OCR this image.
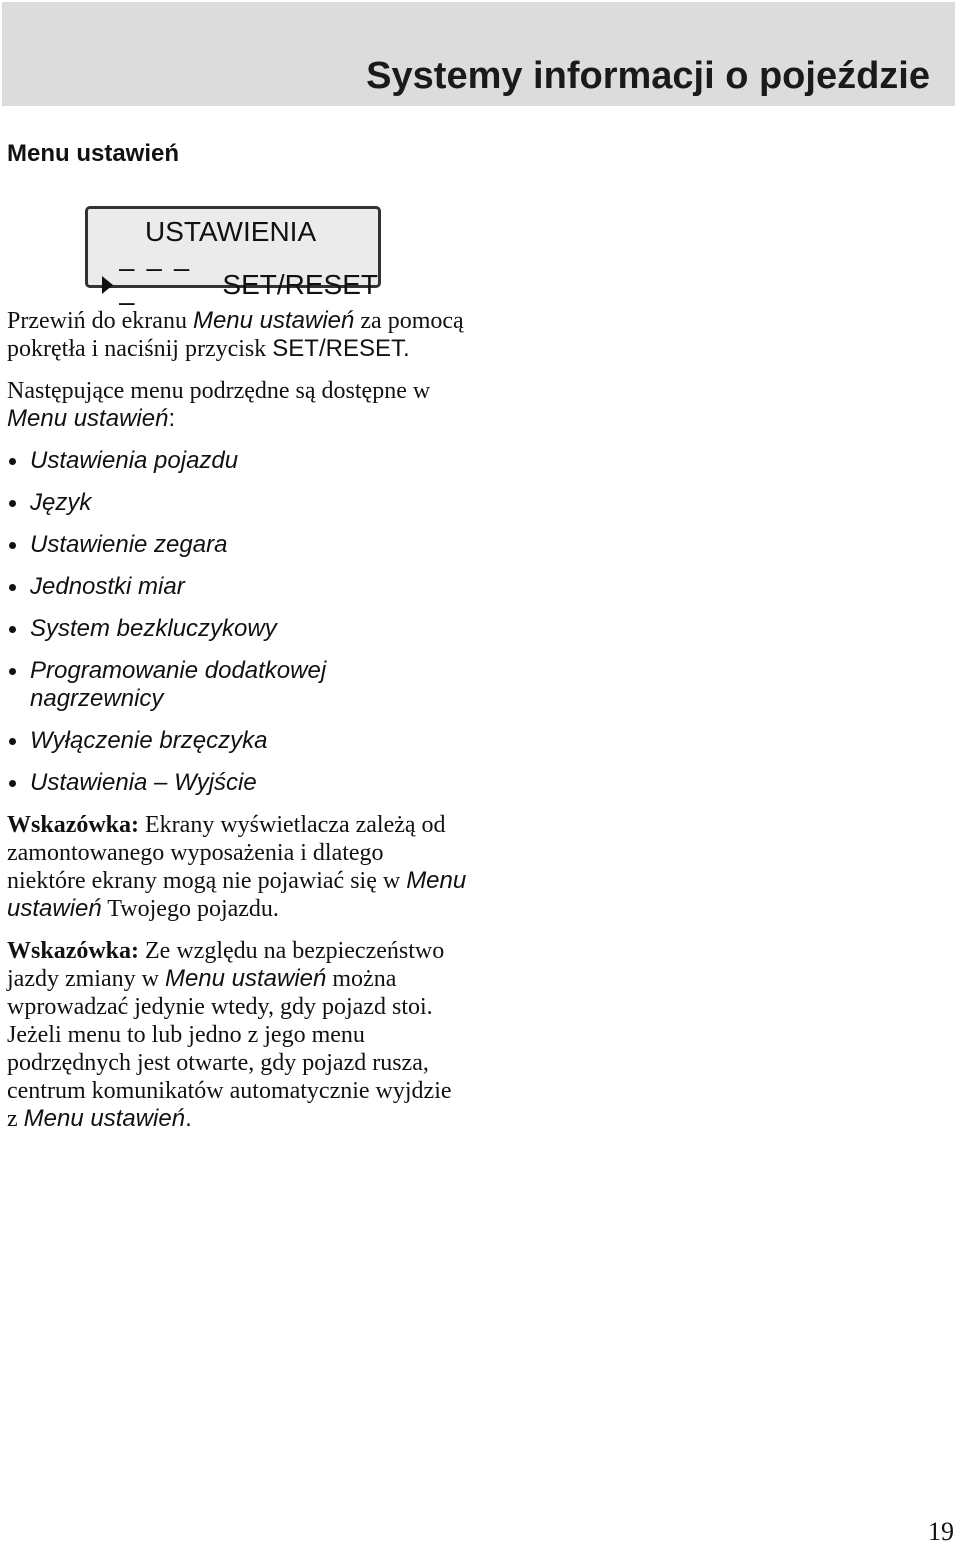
Systemy informacji o pojeździe
Menu ustawień
USTAWIENIA
– – – –
SET/RESET

Przewiń do ekranu Menu ustawień za pomocą pokrętła i naciśnij przycisk SET/RESET.

Następujące menu podrzędne są dostępne w Menu ustawień:

Ustawienia pojazdu
Język
Ustawienie zegara
Jednostki miar
System bezkluczykowy
Programowanie dodatkowej nagrzewnicy
Wyłączenie brzęczyka
Ustawienia – Wyjście

Wskazówka: Ekrany wyświetlacza zależą od zamontowanego wyposażenia i dlatego niektóre ekrany mogą nie pojawiać się w Menu ustawień Twojego pojazdu.

Wskazówka: Ze względu na bezpieczeństwo jazdy zmiany w Menu ustawień można wprowadzać jedynie wtedy, gdy pojazd stoi. Jeżeli menu to lub jedno z jego menu podrzędnych jest otwarte, gdy pojazd rusza, centrum komunikatów automatycznie wyjdzie z Menu ustawień.

19
